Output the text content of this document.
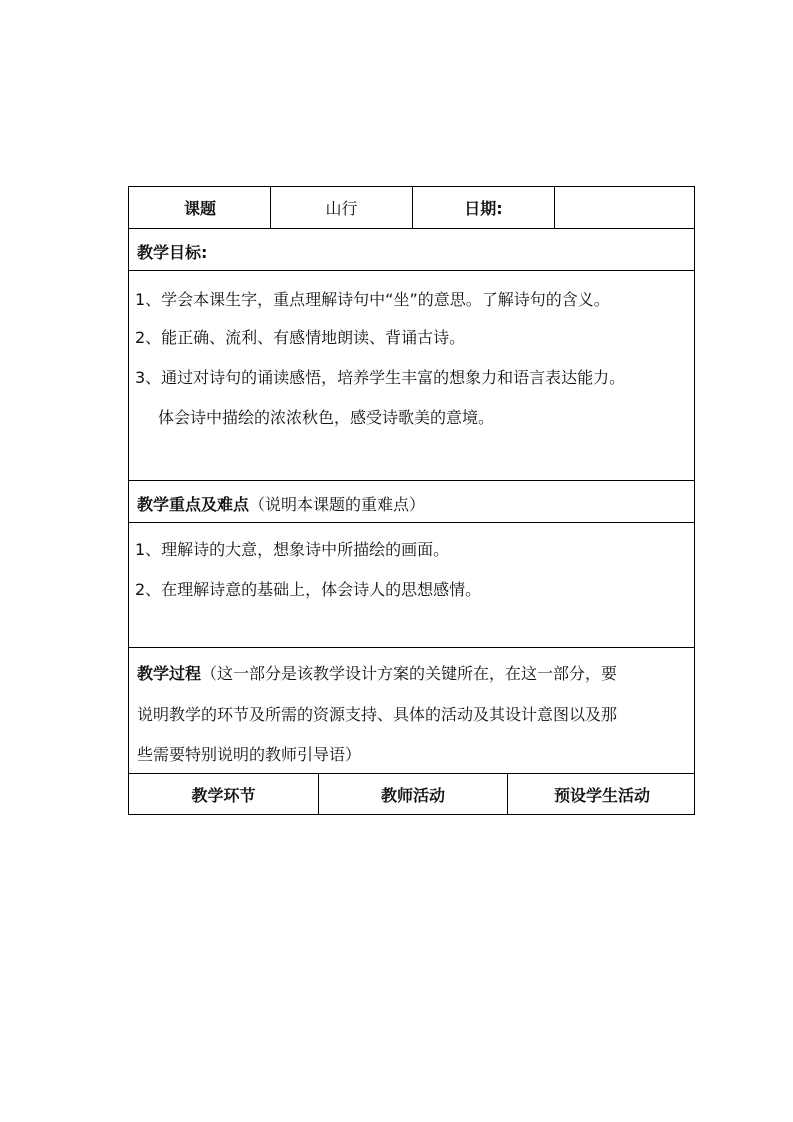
课题	山行	日期:
教学目标:
1、学会本课生字，重点理解诗句中“坐”的意思。了解诗句的含义。
2、能正确、流利、有感情地朗读、背诵古诗。
3、通过对诗句的诵读感悟，培养学生丰富的想象力和语言表达能力。
体会诗中描绘的浓浓秋色，感受诗歌美的意境。
教学重点及难点（说明本课题的重难点）
1、理解诗的大意，想象诗中所描绘的画面。
2、在理解诗意的基础上，体会诗人的思想感情。
教学过程（这一部分是该教学设计方案的关键所在，在这一部分，要
说明教学的环节及所需的资源支持、具体的活动及其设计意图以及那
些需要特别说明的教师引导语）
教学环节	教师活动	预设学生活动
